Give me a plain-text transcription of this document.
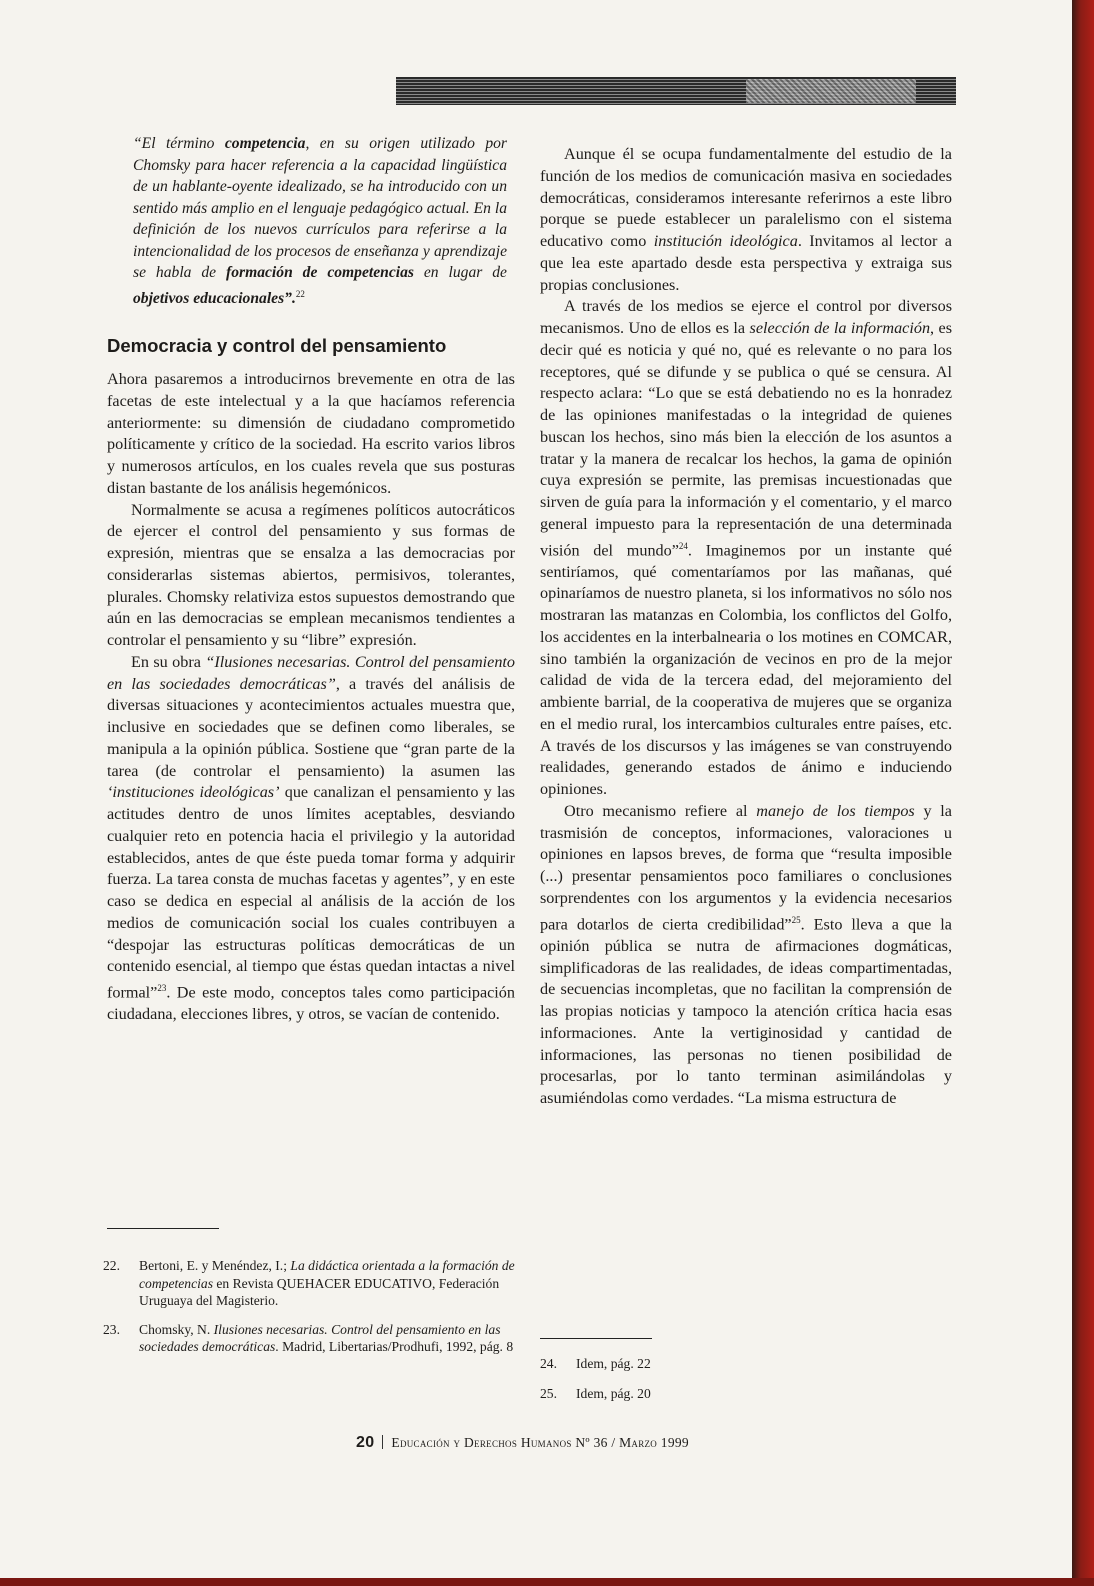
“El término competencia, en su origen utilizado por Chomsky para hacer referencia a la capacidad lingüística de un hablante-oyente idealizado, se ha introducido con un sentido más amplio en el lenguaje pedagógico actual. En la definición de los nuevos currículos para referirse a la intencionalidad de los procesos de enseñanza y aprendizaje se habla de formación de competencias en lugar de objetivos educacionales”.$^{22}$
Democracia y control del pensamiento

Ahora pasaremos a introducirnos brevemente en otra de las facetas de este intelectual y a la que hacíamos referencia anteriormente: su dimensión de ciudadano comprometido políticamente y crítico de la sociedad. Ha escrito varios libros y numerosos artículos, en los cuales revela que sus posturas distan bastante de los análisis hegemónicos.

Normalmente se acusa a regímenes políticos autocráticos de ejercer el control del pensamiento y sus formas de expresión, mientras que se ensalza a las democracias por considerarlas sistemas abiertos, permisivos, tolerantes, plurales. Chomsky relativiza estos supuestos demostrando que aún en las democracias se emplean mecanismos tendientes a controlar el pensamiento y su “libre” expresión.

En su obra “Ilusiones necesarias. Control del pensamiento en las sociedades democráticas”, a través del análisis de diversas situaciones y acontecimientos actuales muestra que, inclusive en sociedades que se definen como liberales, se manipula a la opinión pública. Sostiene que “gran parte de la tarea (de controlar el pensamiento) la asumen las ‘instituciones ideológicas’ que canalizan el pensamiento y las actitudes dentro de unos límites aceptables, desviando cualquier reto en potencia hacia el privilegio y la autoridad establecidos, antes de que éste pueda tomar forma y adquirir fuerza. La tarea consta de muchas facetas y agentes”, y en este caso se dedica en especial al análisis de la acción de los medios de comunicación social los cuales contribuyen a “despojar las estructuras políticas democráticas de un contenido esencial, al tiempo que éstas quedan intactas a nivel formal”$^{23}$. De este modo, conceptos tales como participación ciudadana, elecciones libres, y otros, se vacían de contenido.

Aunque él se ocupa fundamentalmente del estudio de la función de los medios de comunicación masiva en sociedades democráticas, consideramos interesante referirnos a este libro porque se puede establecer un paralelismo con el sistema educativo como institución ideológica. Invitamos al lector a que lea este apartado desde esta perspectiva y extraiga sus propias conclusiones.

A través de los medios se ejerce el control por diversos mecanismos. Uno de ellos es la selección de la información, es decir qué es noticia y qué no, qué es relevante o no para los receptores, qué se difunde y se publica o qué se censura. Al respecto aclara: “Lo que se está debatiendo no es la honradez de las opiniones manifestadas o la integridad de quienes buscan los hechos, sino más bien la elección de los asuntos a tratar y la manera de recalcar los hechos, la gama de opinión cuya expresión se permite, las premisas incuestionadas que sirven de guía para la información y el comentario, y el marco general impuesto para la representación de una determinada visión del mundo”$^{24}$. Imaginemos por un instante qué sentiríamos, qué comentaríamos por las mañanas, qué opinaríamos de nuestro planeta, si los informativos no sólo nos mostraran las matanzas en Colombia, los conflictos del Golfo, los accidentes en la interbalnearia o los motines en COMCAR, sino también la organización de vecinos en pro de la mejor calidad de vida de la tercera edad, del mejoramiento del ambiente barrial, de la cooperativa de mujeres que se organiza en el medio rural, los intercambios culturales entre países, etc. A través de los discursos y las imágenes se van construyendo realidades, generando estados de ánimo e induciendo opiniones.

Otro mecanismo refiere al manejo de los tiempos y la trasmisión de conceptos, informaciones, valoraciones u opiniones en lapsos breves, de forma que “resulta imposible (...) presentar pensamientos poco familiares o conclusiones sorprendentes con los argumentos y la evidencia necesarios para dotarlos de cierta credibilidad”$^{25}$. Esto lleva a que la opinión pública se nutra de afirmaciones dogmáticas, simplificadoras de las realidades, de ideas compartimentadas, de secuencias incompletas, que no facilitan la comprensión de las propias noticias y tampoco la atención crítica hacia esas informaciones. Ante la vertiginosidad y cantidad de informaciones, las personas no tienen posibilidad de procesarlas, por lo tanto terminan asimilándolas y asumiéndolas como verdades. “La misma estructura de

22.	Bertoni, E. y Menéndez, I.; La didáctica orientada a la formación de competencias en Revista QUEHACER EDUCATIVO, Federación Uruguaya del Magisterio.
23.	Chomsky, N. Ilusiones necesarias. Control del pensamiento en las sociedades democráticas. Madrid, Libertarias/Prodhufi, 1992, pág. 8
24.	Idem, pág. 22
25.	Idem, pág. 20
20 Educación y Derechos Humanos Nº 36 / Marzo 1999
